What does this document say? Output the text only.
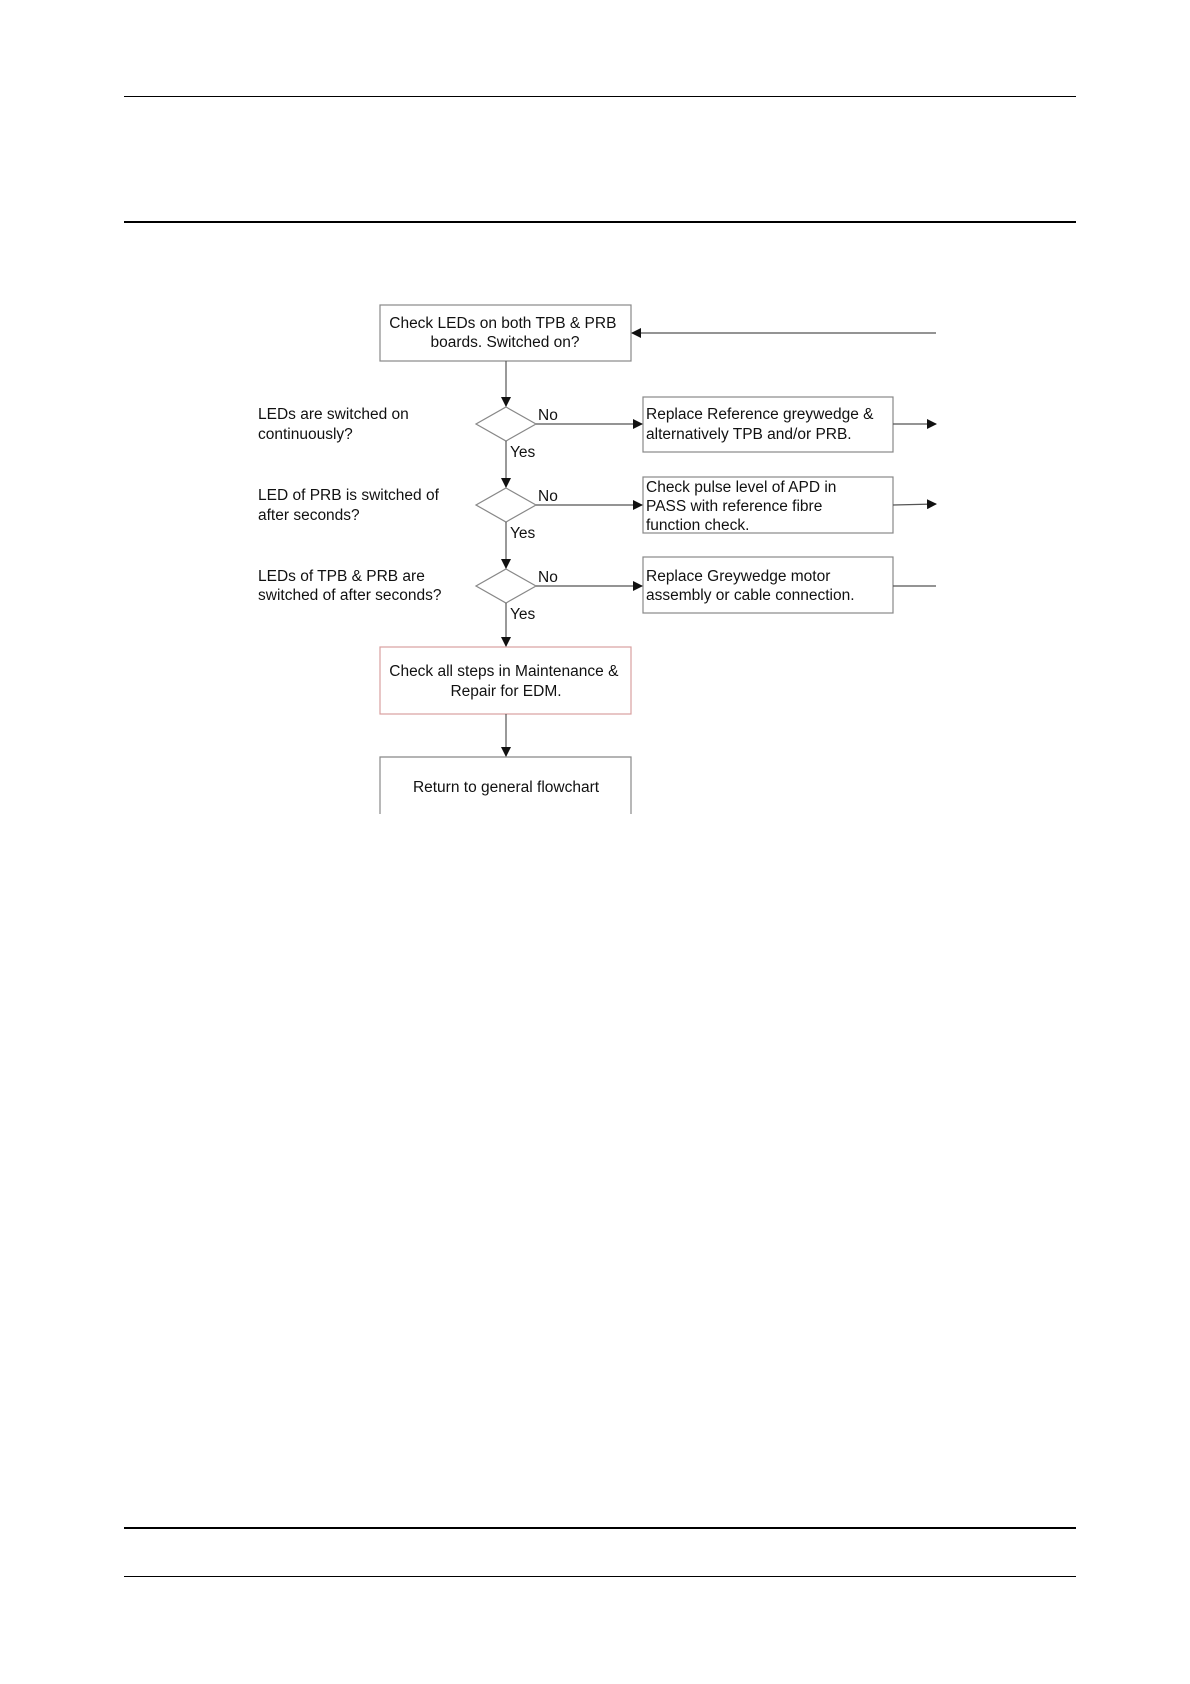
Check LEDs on both TPB & PRB boards. Switched on?
LEDs are switched on continuously?
LED of PRB is switched of after seconds?
LEDs of TPB & PRB are switched of after seconds?
No
No
No
Yes
Yes
Yes
Replace Reference greywedge & alternatively TPB and/or PRB.
Check pulse level of APD in PASS with reference fibre function check.
Replace Greywedge motor assembly or cable connection.
Check all steps in Maintenance & Repair for EDM.
Return to general flowchart
